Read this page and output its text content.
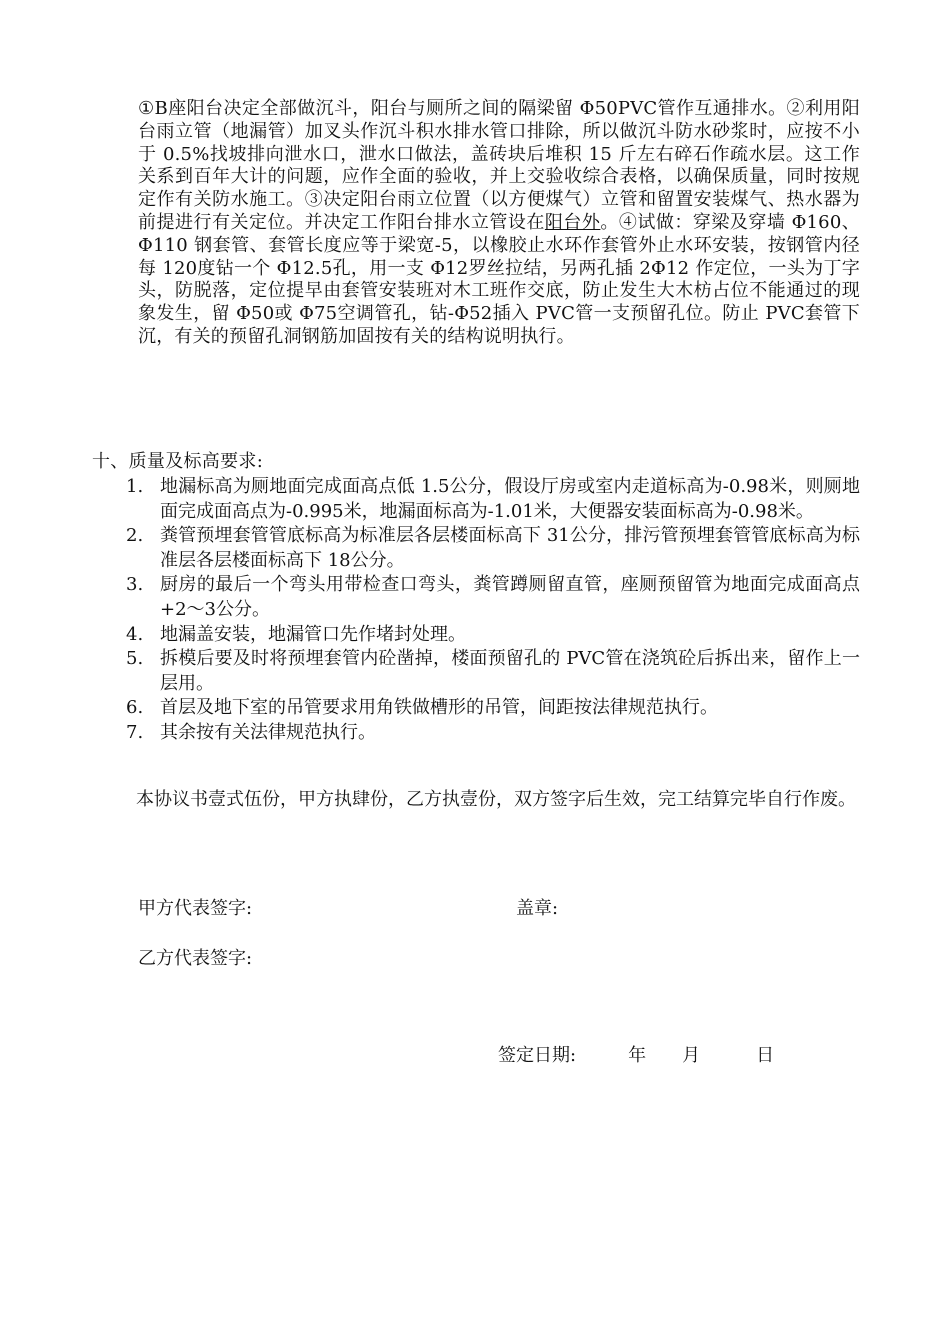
①B座阳台决定全部做沉斗，阳台与厕所之间的隔梁留 Φ50PVC管作互通排水。②利用阳台雨立管（地漏管）加叉头作沉斗积水排水管口排除，所以做沉斗防水砂浆时，应按不小于 0.5%找坡排向泄水口，泄水口做法，盖砖块后堆积 15 斤左右碎石作疏水层。这工作关系到百年大计的问题，应作全面的验收，并上交验收综合表格，以确保质量，同时按规定作有关防水施工。③决定阳台雨立位置（以方便煤气）立管和留置安装煤气、热水器为前提进行有关定位。并决定工作阳台排水立管设在阳台外。④试做：穿梁及穿墙 Φ160、Φ110 钢套管、套管长度应等于梁宽-5，以橡胶止水环作套管外止水环安装，按钢管内径每 120度钻一个 Φ12.5孔，用一支 Φ12罗丝拉结，另两孔插 2Φ12 作定位，一头为丁字头，防脱落，定位提早由套管安装班对木工班作交底，防止发生大木枋占位不能通过的现象发生，留 Φ50或 Φ75空调管孔，钻-Φ52插入 PVC管一支预留孔位。防止 PVC套管下沉，有关的预留孔洞钢筋加固按有关的结构说明执行。
十、质量及标高要求:
1. 地漏标高为厕地面完成面高点低 1.5公分，假设厅房或室内走道标高为-0.98米，则厕地面完成面高点为-0.995米，地漏面标高为-1.01米，大便器安装面标高为-0.98米。
2. 粪管预埋套管管底标高为标准层各层楼面标高下 31公分，排污管预埋套管管底标高为标准层各层楼面标高下 18公分。
3. 厨房的最后一个弯头用带检查口弯头，粪管蹲厕留直管，座厕预留管为地面完成面高点+2～3公分。
4. 地漏盖安装，地漏管口先作堵封处理。
5. 拆模后要及时将预埋套管内砼凿掉，楼面预留孔的 PVC管在浇筑砼后拆出来，留作上一层用。
6. 首层及地下室的吊管要求用角铁做槽形的吊管，间距按法律规范执行。
7. 其余按有关法律规范执行。
本协议书壹式伍份，甲方执肆份，乙方执壹份，双方签字后生效，完工结算完毕自行作废。
甲方代表签字:	盖章:
乙方代表签字:
签定日期:	年 月	日
